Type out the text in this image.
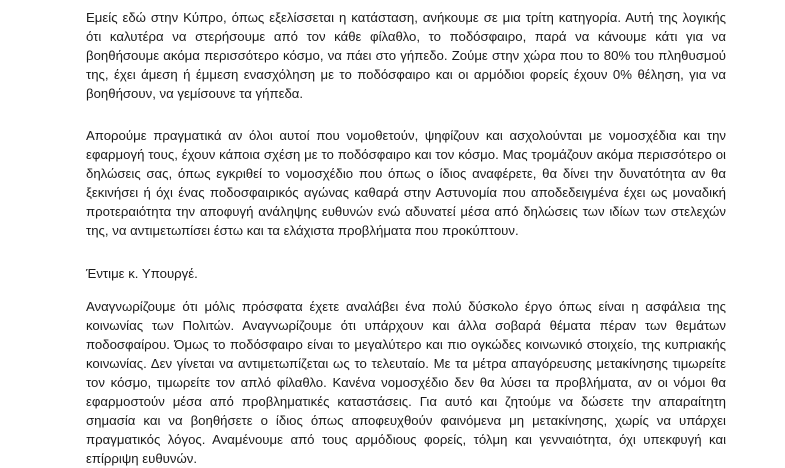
Εμείς εδώ στην Κύπρο, όπως εξελίσσεται η κατάσταση, ανήκουμε σε μια τρίτη κατηγορία. Αυτή της λογικής ότι καλυτέρα να στερήσουμε από τον κάθε φίλαθλο, το ποδόσφαιρο, παρά να κάνουμε κάτι για να βοηθήσουμε ακόμα περισσότερο κόσμο, να πάει στο γήπεδο. Ζούμε στην χώρα που το 80% του πληθυσμού της, έχει άμεση ή έμμεση ενασχόληση με το ποδόσφαιρο και οι αρμόδιοι φορείς έχουν 0% θέληση, για να βοηθήσουν, να γεμίσουνε τα γήπεδα.

Απορούμε πραγματικά αν όλοι αυτοί που νομοθετούν, ψηφίζουν και ασχολούνται με νομοσχέδια και την εφαρμογή τους, έχουν κάποια σχέση με το ποδόσφαιρο και τον κόσμο. Μας τρομάζουν ακόμα περισσότερο οι δηλώσεις σας, όπως εγκριθεί το νομοσχέδιο που όπως ο ίδιος αναφέρετε, θα δίνει την δυνατότητα αν θα ξεκινήσει ή όχι ένας ποδοσφαιρικός αγώνας καθαρά στην Αστυνομία που αποδεδειγμένα έχει ως μοναδική προτεραιότητα την αποφυγή ανάληψης ευθυνών ενώ αδυνατεί μέσα από δηλώσεις των ιδίων των στελεχών της, να αντιμετωπίσει έστω και τα ελάχιστα προβλήματα που προκύπτουν.

Έντιμε κ. Υπουργέ.

Αναγνωρίζουμε ότι μόλις πρόσφατα έχετε αναλάβει ένα πολύ δύσκολο έργο όπως είναι η ασφάλεια της κοινωνίας των Πολιτών. Αναγνωρίζουμε ότι υπάρχουν και άλλα σοβαρά θέματα πέραν των θεμάτων ποδοσφαίρου. Όμως το ποδόσφαιρο είναι το μεγαλύτερο και πιο ογκώδες κοινωνικό στοιχείο, της κυπριακής κοινωνίας. Δεν γίνεται να αντιμετωπίζεται ως το τελευταίο. Με τα μέτρα απαγόρευσης μετακίνησης τιμωρείτε τον κόσμο, τιμωρείτε τον απλό φίλαθλο. Κανένα νομοσχέδιο δεν θα λύσει τα προβλήματα, αν οι νόμοι θα εφαρμοστούν μέσα από προβληματικές καταστάσεις. Για αυτό και ζητούμε να δώσετε την απαραίτητη σημασία και να βοηθήσετε ο ίδιος όπως αποφευχθούν φαινόμενα μη μετακίνησης, χωρίς να υπάρχει πραγματικός λόγος. Αναμένουμε από τους αρμόδιους φορείς, τόλμη και γενναιότητα, όχι υπεκφυγή και επίρριψη ευθυνών.
